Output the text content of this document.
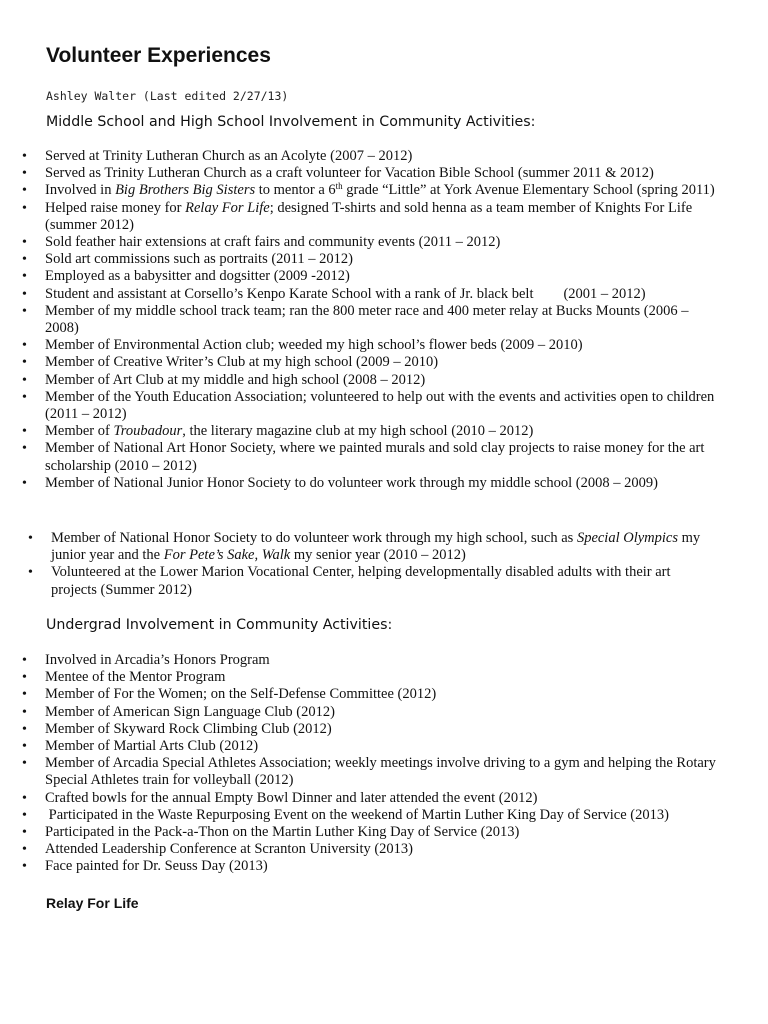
Volunteer Experiences
Ashley Walter (Last edited 2/27/13)
Middle School and High School Involvement in Community Activities:
• Served at Trinity Lutheran Church as an Acolyte (2007 – 2012)
• Served as Trinity Lutheran Church as a craft volunteer for Vacation Bible School (summer 2011 & 2012)
• Involved in Big Brothers Big Sisters to mentor a 6th grade “Little” at York Avenue Elementary School (spring 2011)
• Helped raise money for Relay For Life; designed T-shirts and sold henna as a team member of Knights For Life (summer 2012)
• Sold feather hair extensions at craft fairs and community events (2011 – 2012)
• Sold art commissions such as portraits (2011 – 2012)
• Employed as a babysitter and dogsitter (2009 -2012)
• Student and assistant at Corsello’s Kenpo Karate School with a rank of Jr. black belt (2001 – 2012)
• Member of my middle school track team; ran the 800 meter race and 400 meter relay at Bucks Mounts (2006 – 2008)
• Member of Environmental Action club; weeded my high school’s flower beds (2009 – 2010)
• Member of Creative Writer’s Club at my high school (2009 – 2010)
• Member of Art Club at my middle and high school (2008 – 2012)
• Member of the Youth Education Association; volunteered to help out with the events and activities open to children (2011 – 2012)
• Member of Troubadour, the literary magazine club at my high school (2010 – 2012)
• Member of National Art Honor Society, where we painted murals and sold clay projects to raise money for the art scholarship (2010 – 2012)
• Member of National Junior Honor Society to do volunteer work through my middle school (2008 – 2009)
• Member of National Honor Society to do volunteer work through my high school, such as Special Olympics my junior year and the For Pete’s Sake, Walk my senior year (2010 – 2012)
• Volunteered at the Lower Marion Vocational Center, helping developmentally disabled adults with their art projects (Summer 2012)
Undergrad Involvement in Community Activities:
• Involved in Arcadia’s Honors Program
• Mentee of the Mentor Program
• Member of For the Women; on the Self-Defense Committee (2012)
• Member of American Sign Language Club (2012)
• Member of Skyward Rock Climbing Club (2012)
• Member of Martial Arts Club (2012)
• Member of Arcadia Special Athletes Association; weekly meetings involve driving to a gym and helping the Rotary Special Athletes train for volleyball (2012)
• Crafted bowls for the annual Empty Bowl Dinner and later attended the event (2012)
•  Participated in the Waste Repurposing Event on the weekend of Martin Luther King Day of Service (2013)
• Participated in the Pack-a-Thon on the Martin Luther King Day of Service (2013)
• Attended Leadership Conference at Scranton University (2013)
• Face painted for Dr. Seuss Day (2013)
Relay For Life
